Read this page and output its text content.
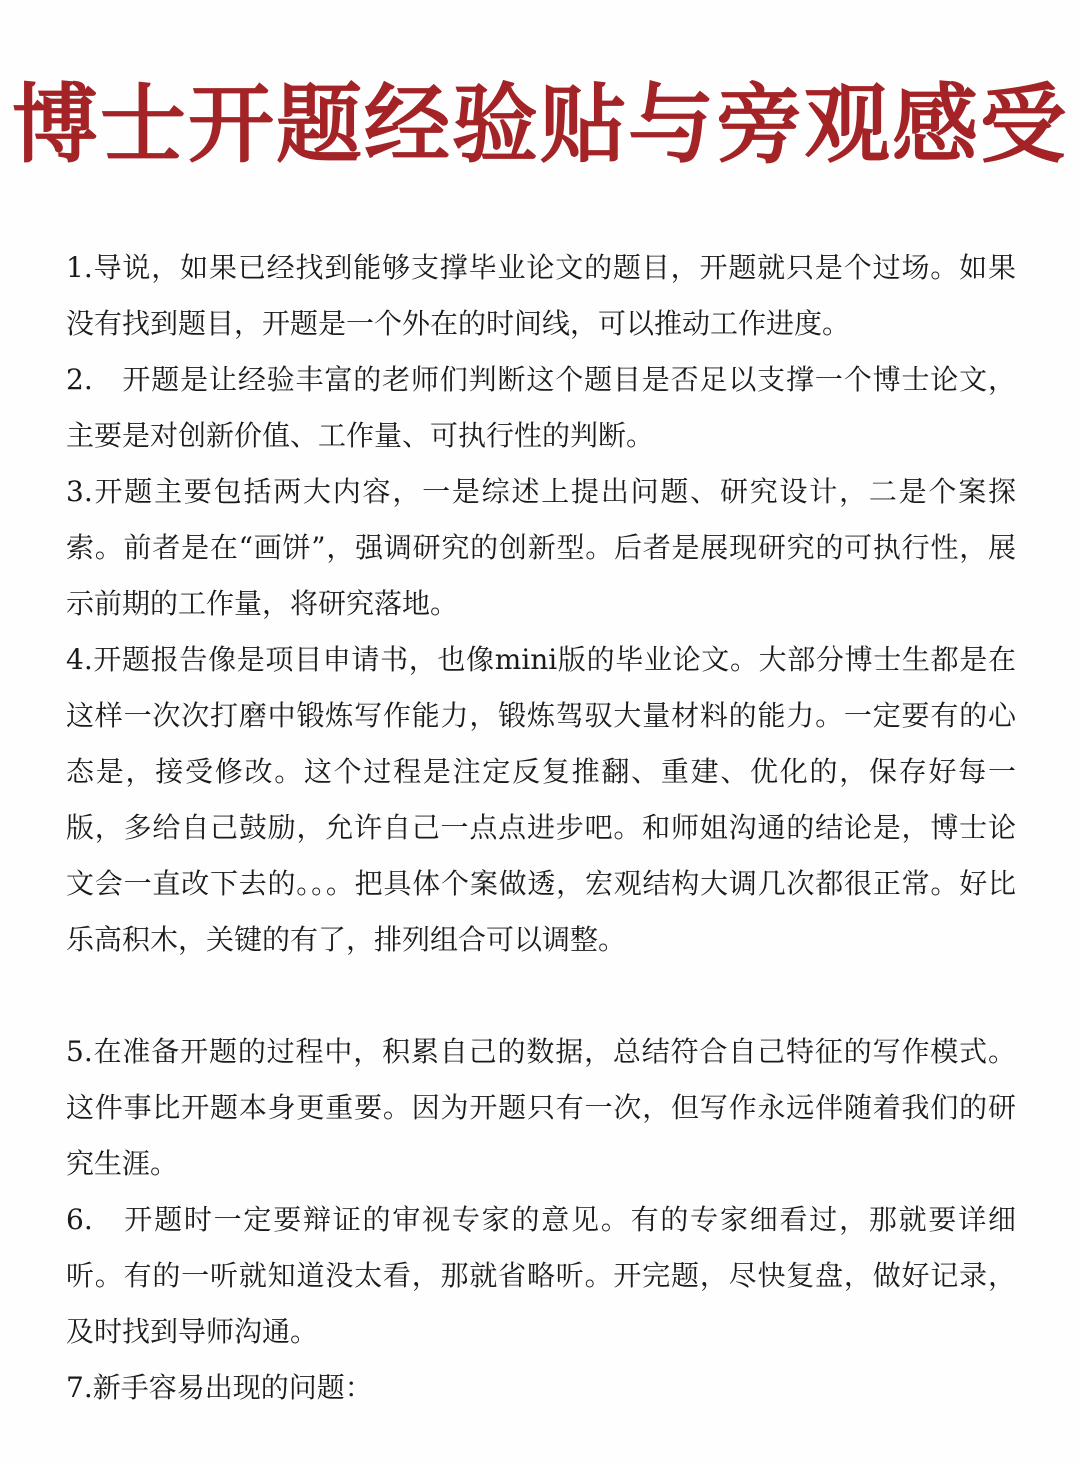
博士开题经验贴与旁观感受

1.导说，如果已经找到能够支撑毕业论文的题目，开题就只是个过场。如果没有找到题目，开题是一个外在的时间线，可以推动工作进度。

2.　开题是让经验丰富的老师们判断这个题目是否足以支撑一个博士论文，主要是对创新价值、工作量、可执行性的判断。

3.开题主要包括两大内容，一是综述上提出问题、研究设计，二是个案探索。前者是在“画饼”，强调研究的创新型。后者是展现研究的可执行性，展示前期的工作量，将研究落地。

4.开题报告像是项目申请书，也像mini版的毕业论文。大部分博士生都是在这样一次次打磨中锻炼写作能力，锻炼驾驭大量材料的能力。一定要有的心态是，接受修改。这个过程是注定反复推翻、重建、优化的，保存好每一版，多给自己鼓励，允许自己一点点进步吧。和师姐沟通的结论是，博士论文会一直改下去的。。。把具体个案做透，宏观结构大调几次都很正常。好比乐高积木，关键的有了，排列组合可以调整。

5.在准备开题的过程中，积累自己的数据，总结符合自己特征的写作模式。这件事比开题本身更重要。因为开题只有一次，但写作永远伴随着我们的研究生涯。

6.　开题时一定要辩证的审视专家的意见。有的专家细看过，那就要详细听。有的一听就知道没太看，那就省略听。开完题，尽快复盘，做好记录，及时找到导师沟通。

7.新手容易出现的问题：
